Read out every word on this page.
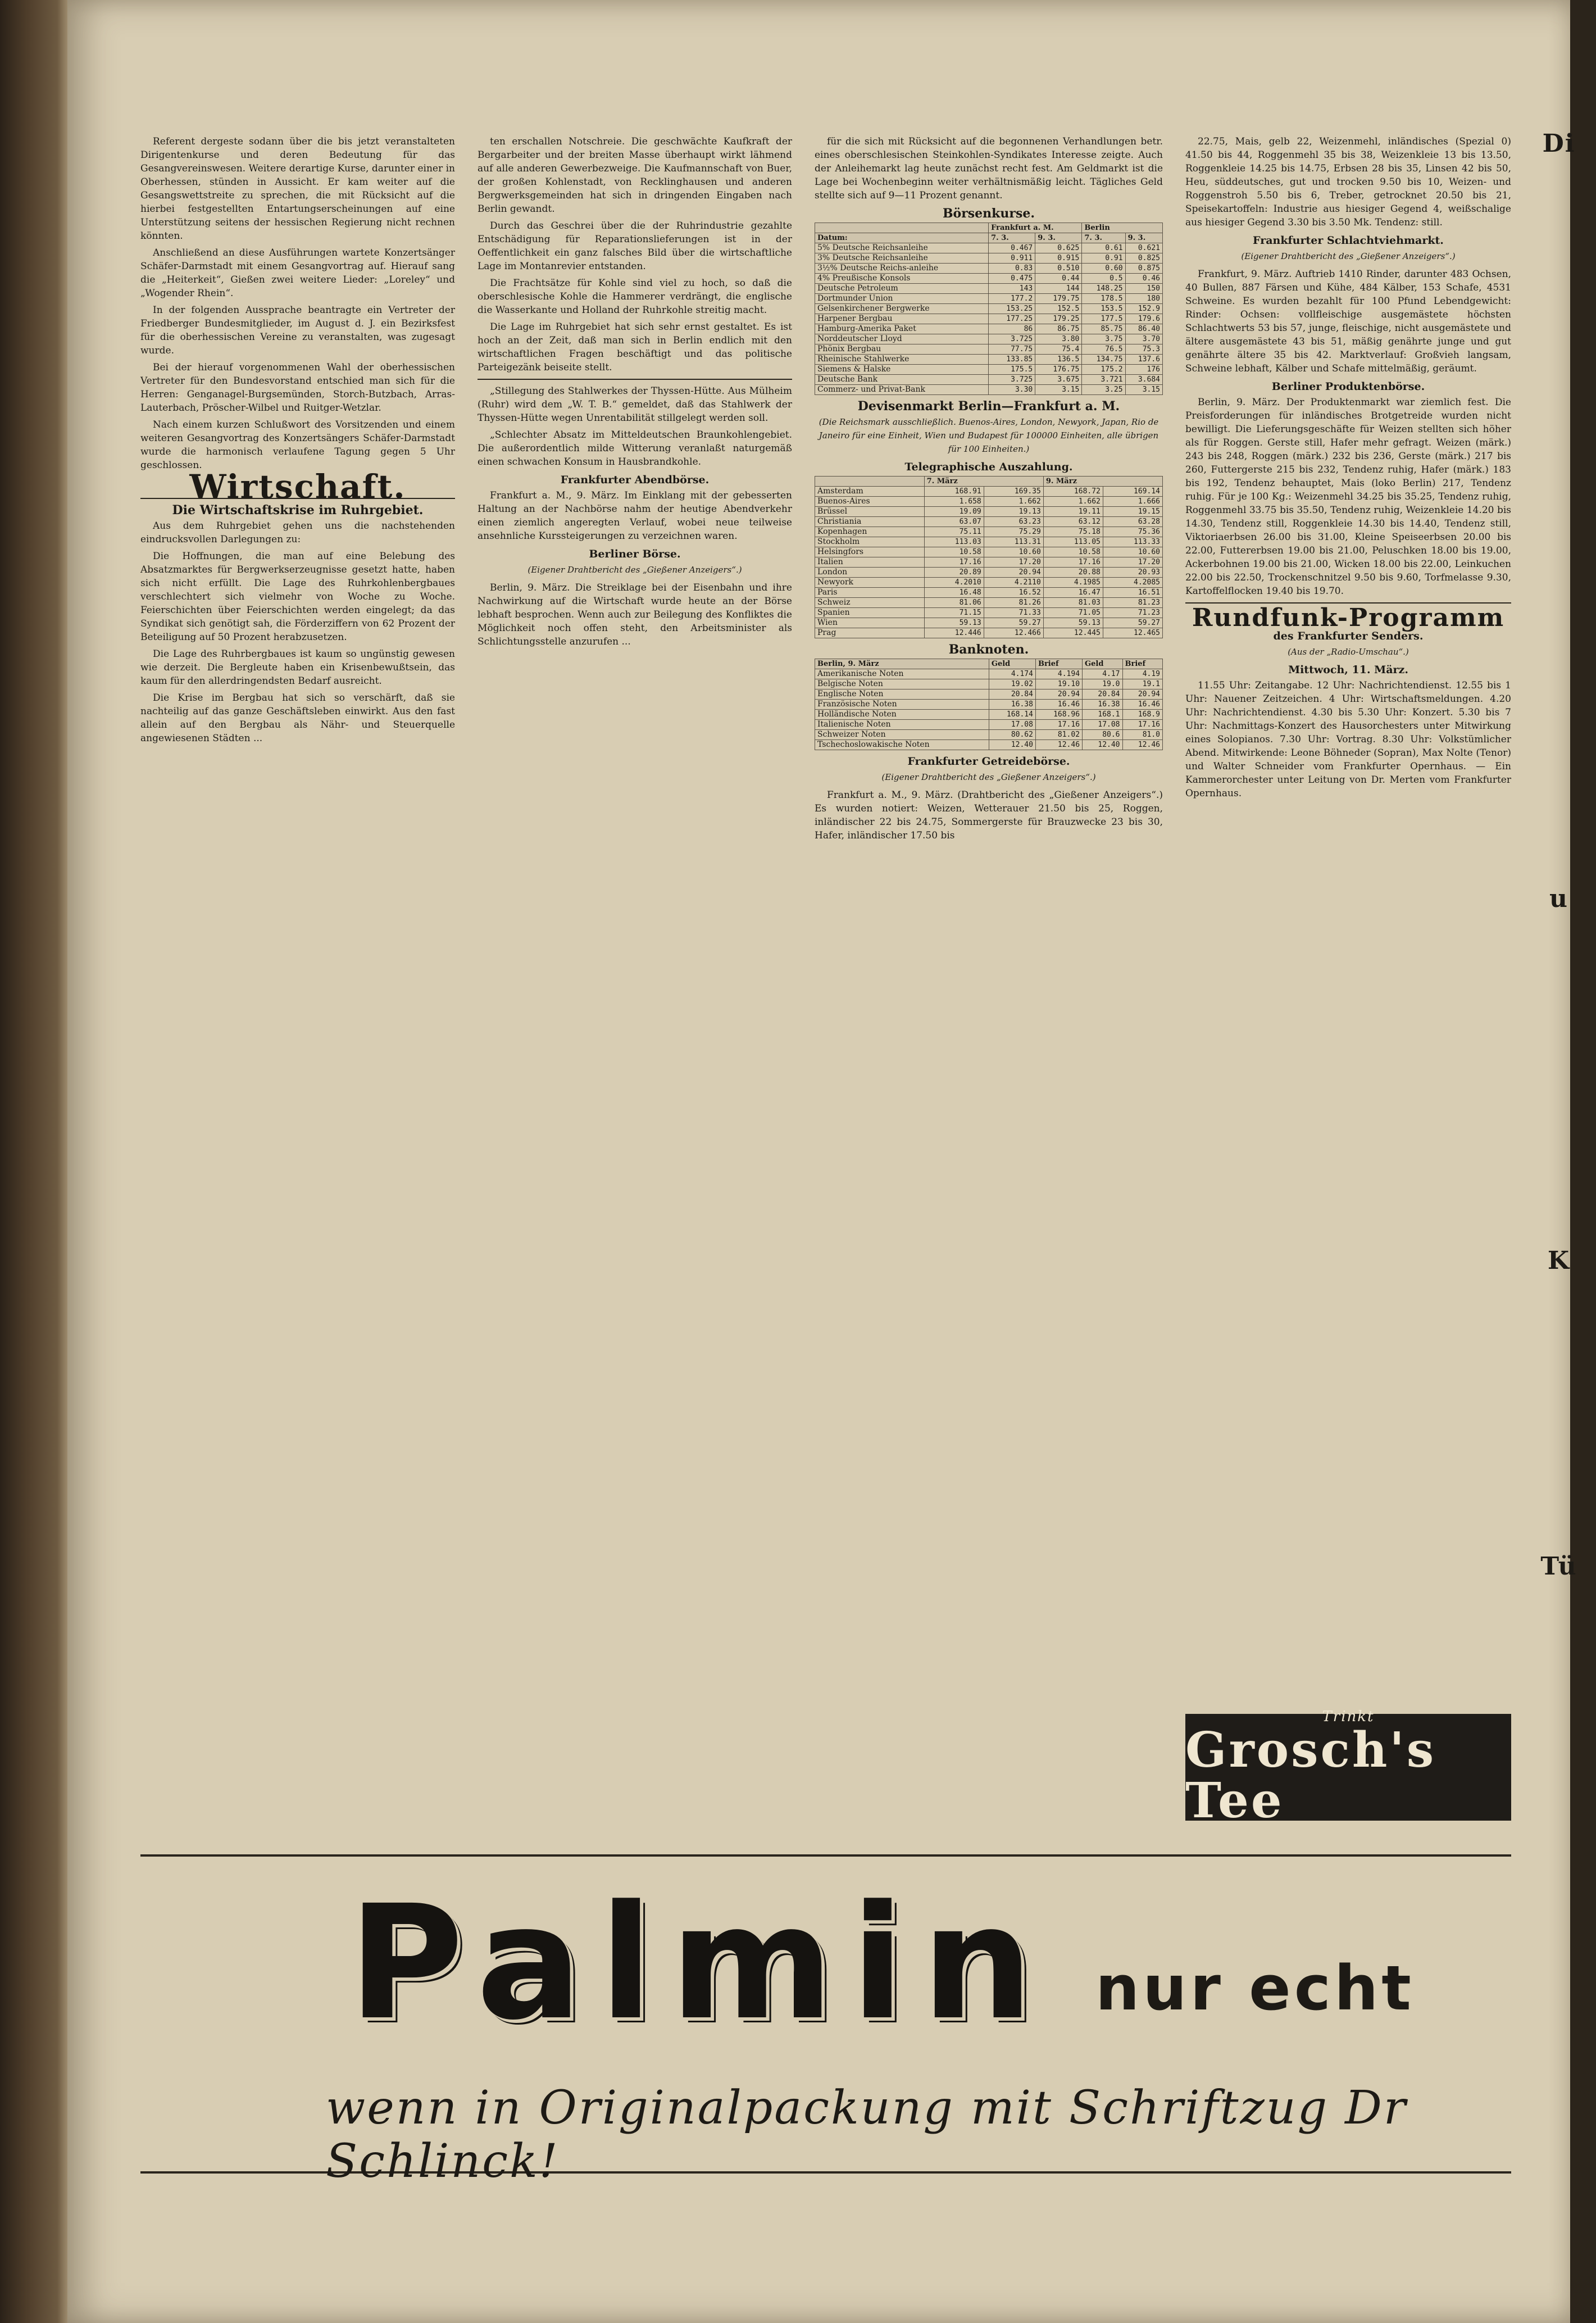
Referent dergeste sodann über die bis jetzt veranstalteten Dirigentenkurse und deren Bedeutung für das Gesangvereinswesen. Weitere derartige Kurse, darunter einer in Oberhessen, stünden in Aussicht. Er kam weiter auf die Gesangswettstreite zu sprechen, die mit Rücksicht auf die hierbei festgestellten Entartungserscheinungen auf eine Unterstützung seitens der hessischen Regierung nicht rechnen könnten.

Anschließend an diese Ausführungen wartete Konzertsänger Schäfer-Darmstadt mit einem Gesangvortrag auf. Hierauf sang die „Heiterkeit“, Gießen zwei weitere Lieder: „Loreley“ und „Wogender Rhein“.

In der folgenden Aussprache beantragte ein Vertreter der Friedberger Bundesmitglieder, im August d. J. ein Bezirksfest für die oberhessischen Vereine zu veranstalten, was zugesagt wurde.

Bei der hierauf vorgenommenen Wahl der oberhessischen Vertreter für den Bundesvorstand entschied man sich für die Herren: Genganagel-Burgsemünden, Storch-Butzbach, Arras-Lauterbach, Pröscher-Wilbel und Ruitger-Wetzlar.

Nach einem kurzen Schlußwort des Vorsitzenden und einem weiteren Gesangvortrag des Konzertsängers Schäfer-Darmstadt wurde die harmonisch verlaufene Tagung gegen 5 Uhr geschlossen.

Wirtschaft.
Die Wirtschaftskrise im Ruhrgebiet.

Aus dem Ruhrgebiet gehen uns die nachstehenden eindrucksvollen Darlegungen zu:

Die Hoffnungen, die man auf eine Belebung des Absatzmarktes für Bergwerkserzeugnisse gesetzt hatte, haben sich nicht erfüllt. Die Lage des Ruhrkohlenbergbaues verschlechtert sich vielmehr von Woche zu Woche. Feierschichten über Feierschichten werden eingelegt; da das Syndikat sich genötigt sah, die Förderziffern von 62 Prozent der Beteiligung auf 50 Prozent herabzusetzen.

Die Lage des Ruhrbergbaues ist kaum so ungünstig gewesen wie derzeit. Die Bergleute haben ein Krisenbewußtsein, das kaum für den allerdringendsten Bedarf ausreicht.

Die Krise im Bergbau hat sich so verschärft, daß sie nachteilig auf das ganze Geschäftsleben einwirkt. Aus den fast allein auf den Bergbau als Nähr- und Steuerquelle angewiesenen Städten ...

ten erschallen Notschreie. Die geschwächte Kaufkraft der Bergarbeiter und der breiten Masse überhaupt wirkt lähmend auf alle anderen Gewerbezweige. Die Kaufmannschaft von Buer, der großen Kohlenstadt, von Recklinghausen und anderen Bergwerksgemeinden hat sich in dringenden Eingaben nach Berlin gewandt.

Durch das Geschrei über die der Ruhrindustrie gezahlte Entschädigung für Reparationslieferungen ist in der Oeffentlichkeit ein ganz falsches Bild über die wirtschaftliche Lage im Montanrevier entstanden.

Die Frachtsätze für Kohle sind viel zu hoch, so daß die oberschlesische Kohle die Hammerer verdrängt, die englische die Wasserkante und Holland der Ruhrkohle streitig macht.

Die Lage im Ruhrgebiet hat sich sehr ernst gestaltet. Es ist hoch an der Zeit, daß man sich in Berlin endlich mit den wirtschaftlichen Fragen beschäftigt und das politische Parteigezänk beiseite stellt.

„Stillegung des Stahlwerkes der Thyssen-Hütte. Aus Mülheim (Ruhr) wird dem „W. T. B.“ gemeldet, daß das Stahlwerk der Thyssen-Hütte wegen Unrentabilität stillgelegt werden soll.

„Schlechter Absatz im Mitteldeutschen Braunkohlengebiet. Die außerordentlich milde Witterung veranlaßt naturgemäß einen schwachen Konsum in Hausbrandkohle.

Frankfurter Abendbörse.

Frankfurt a. M., 9. März. Im Einklang mit der gebesserten Haltung an der Nachbörse nahm der heutige Abendverkehr einen ziemlich angeregten Verlauf, wobei neue teilweise ansehnliche Kurssteigerungen zu verzeichnen waren.

Berliner Börse.
(Eigener Drahtbericht des „Gießener Anzeigers“.)

Berlin, 9. März. Die Streiklage bei der Eisenbahn und ihre Nachwirkung auf die Wirtschaft wurde heute an der Börse lebhaft besprochen. Wenn auch zur Beilegung des Konfliktes die Möglichkeit noch offen steht, den Arbeitsminister als Schlichtungsstelle anzurufen ...

für die sich mit Rücksicht auf die begonnenen Verhandlungen betr. eines oberschlesischen Steinkohlen-Syndikates Interesse zeigte. Auch der Anleihemarkt lag heute zunächst recht fest. Am Geldmarkt ist die Lage bei Wochenbeginn weiter verhältnismäßig leicht. Tägliches Geld stellte sich auf 9—11 Prozent genannt.

Börsenkurse.
	Frankfurt a. M.		Berlin	
Datum:	7. 3.	9. 3.	7. 3.	9. 3.
5% Deutsche Reichsanleihe	0.467	0.625	0.61	0.621
3% Deutsche Reichsanleihe	0.911	0.915	0.91	0.825
3½% Deutsche Reichs-anleihe	0.83	0.510	0.60	0.875
4% Preußische Konsols	0.475	0.44	0.5	0.46
Deutsche Petroleum	143	144	148.25	150
Dortmunder Union	177.2	179.75	178.5	180
Gelsenkirchener Bergwerke	153.25	152.5	153.5	152.9
Harpener Bergbau	177.25	179.25	177.5	179.6
Hamburg-Amerika Paket	86	86.75	85.75	86.40
Norddeutscher Lloyd	3.725	3.80	3.75	3.70
Phönix Bergbau	77.75	75.4	76.5	75.3
Rheinische Stahlwerke	133.85	136.5	134.75	137.6
Siemens & Halske	175.5	176.75	175.2	176
Deutsche Bank	3.725	3.675	3.721	3.684
Commerz- und Privat-Bank	3.30	3.15	3.25	3.15
Devisenmarkt Berlin—Frankfurt a. M.
(Die Reichsmark ausschließlich. Buenos-Aires, London, Newyork, Japan, Rio de Janeiro für eine Einheit, Wien und Budapest für 100000 Einheiten, alle übrigen für 100 Einheiten.)
Telegraphische Auszahlung.
	7. März		9. März	
Amsterdam	168.91	169.35	168.72	169.14
Buenos-Aires	1.658	1.662	1.662	1.666
Brüssel	19.09	19.13	19.11	19.15
Christiania	63.07	63.23	63.12	63.28
Kopenhagen	75.11	75.29	75.18	75.36
Stockholm	113.03	113.31	113.05	113.33
Helsingfors	10.58	10.60	10.58	10.60
Italien	17.16	17.20	17.16	17.20
London	20.89	20.94	20.88	20.93
Newyork	4.2010	4.2110	4.1985	4.2085
Paris	16.48	16.52	16.47	16.51
Schweiz	81.06	81.26	81.03	81.23
Spanien	71.15	71.33	71.05	71.23
Wien	59.13	59.27	59.13	59.27
Prag	12.446	12.466	12.445	12.465
Banknoten.
Berlin, 9. März	Geld	Brief	Geld	Brief
Amerikanische Noten	4.174	4.194	4.17	4.19
Belgische Noten	19.02	19.10	19.0	19.1
Englische Noten	20.84	20.94	20.84	20.94
Französische Noten	16.38	16.46	16.38	16.46
Holländische Noten	168.14	168.96	168.1	168.9
Italienische Noten	17.08	17.16	17.08	17.16
Schweizer Noten	80.62	81.02	80.6	81.0
Tschechoslowakische Noten	12.40	12.46	12.40	12.46
Frankfurter Getreidebörse.
(Eigener Drahtbericht des „Gießener Anzeigers“.)

Frankfurt a. M., 9. März. (Drahtbericht des „Gießener Anzeigers“.) Es wurden notiert: Weizen, Wetterauer 21.50 bis 25, Roggen, inländischer 22 bis 24.75, Sommergerste für Brauzwecke 23 bis 30, Hafer, inländischer 17.50 bis

22.75, Mais, gelb 22, Weizenmehl, inländisches (Spezial 0) 41.50 bis 44, Roggenmehl 35 bis 38, Weizenkleie 13 bis 13.50, Roggenkleie 14.25 bis 14.75, Erbsen 28 bis 35, Linsen 42 bis 50, Heu, süddeutsches, gut und trocken 9.50 bis 10, Weizen- und Roggenstroh 5.50 bis 6, Treber, getrocknet 20.50 bis 21, Speisekartoffeln: Industrie aus hiesiger Gegend 4, weißschalige aus hiesiger Gegend 3.30 bis 3.50 Mk. Tendenz: still.

Frankfurter Schlachtviehmarkt.
(Eigener Drahtbericht des „Gießener Anzeigers“.)

Frankfurt, 9. März. Auftrieb 1410 Rinder, darunter 483 Ochsen, 40 Bullen, 887 Färsen und Kühe, 484 Kälber, 153 Schafe, 4531 Schweine. Es wurden bezahlt für 100 Pfund Lebendgewicht: Rinder: Ochsen: vollfleischige ausgemästete höchsten Schlachtwerts 53 bis 57, junge, fleischige, nicht ausgemästete und ältere ausgemästete 43 bis 51, mäßig genährte junge und gut genährte ältere 35 bis 42. Marktverlauf: Großvieh langsam, Schweine lebhaft, Kälber und Schafe mittelmäßig, geräumt.

Berliner Produktenbörse.

Berlin, 9. März. Der Produktenmarkt war ziemlich fest. Die Preisforderungen für inländisches Brotgetreide wurden nicht bewilligt. Die Lieferungsgeschäfte für Weizen stellten sich höher als für Roggen. Gerste still, Hafer mehr gefragt. Weizen (märk.) 243 bis 248, Roggen (märk.) 232 bis 236, Gerste (märk.) 217 bis 260, Futtergerste 215 bis 232, Tendenz ruhig, Hafer (märk.) 183 bis 192, Tendenz behauptet, Mais (loko Berlin) 217, Tendenz ruhig. Für je 100 Kg.: Weizenmehl 34.25 bis 35.25, Tendenz ruhig, Roggenmehl 33.75 bis 35.50, Tendenz ruhig, Weizenkleie 14.20 bis 14.30, Tendenz still, Roggenkleie 14.30 bis 14.40, Tendenz still, Viktoriaerbsen 26.00 bis 31.00, Kleine Speiseerbsen 20.00 bis 22.00, Futtererbsen 19.00 bis 21.00, Peluschken 18.00 bis 19.00, Ackerbohnen 19.00 bis 21.00, Wicken 18.00 bis 22.00, Leinkuchen 22.00 bis 22.50, Trockenschnitzel 9.50 bis 9.60, Torfmelasse 9.30, Kartoffelflocken 19.40 bis 19.70.

Rundfunk-Programm
des Frankfurter Senders.
(Aus der „Radio-Umschau“.)
Mittwoch, 11. März.

11.55 Uhr: Zeitangabe. 12 Uhr: Nachrichtendienst. 12.55 bis 1 Uhr: Nauener Zeitzeichen. 4 Uhr: Wirtschaftsmeldungen. 4.20 Uhr: Nachrichtendienst. 4.30 bis 5.30 Uhr: Konzert. 5.30 bis 7 Uhr: Nachmittags-Konzert des Hausorchesters unter Mitwirkung eines Solopianos. 7.30 Uhr: Vortrag. 8.30 Uhr: Volkstümlicher Abend. Mitwirkende: Leone Böhneder (Sopran), Max Nolte (Tenor) und Walter Schneider vom Frankfurter Opernhaus. — Ein Kammerorchester unter Leitung von Dr. Merten vom Frankfurter Opernhaus.

Di
u
K
Tü
Trinkt
Grosch's Tee
Palmin nur echt
wenn in Originalpackung mit Schriftzug Dr Schlinck!
